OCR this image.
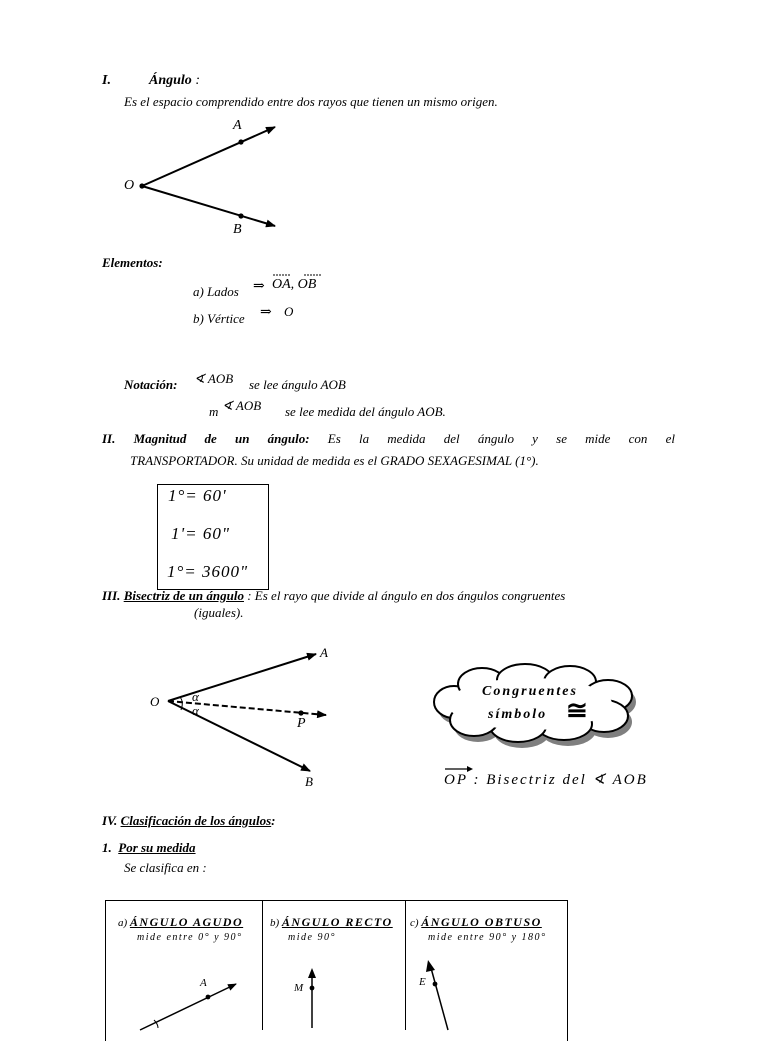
I.	Ángulo :
Es el espacio comprendido entre dos rayos que tienen un mismo origen.
A
O
B
Elementos:
a) Lados ⇒ OA, OB
b) Vértice ⇒ O
Notación: ∢ AOB se lee ángulo AOB
m ∢ AOB se lee medida del ángulo AOB.
II. Magnitud de un ángulo: Es la medida del ángulo y se mide con el
TRANSPORTADOR. Su unidad de medida es el GRADO SEXAGESIMAL (1°).
1°= 60'
1'= 60"
1°= 3600"
III. Bisectriz de un ángulo : Es el rayo que divide al ángulo en dos ángulos congruentes
(iguales).
O
A
P
B
α
α
Congruentes
símbolo ≅
OP : Bisectriz del ∢ AOB
IV. Clasificación de los ángulos:
1. Por su medida
Se clasifica en :
a) ÁNGULO AGUDO
mide entre 0° y 90°
A
b) ÁNGULO RECTO
mide 90°
M
c) ÁNGULO OBTUSO
mide entre 90° y 180°
E
